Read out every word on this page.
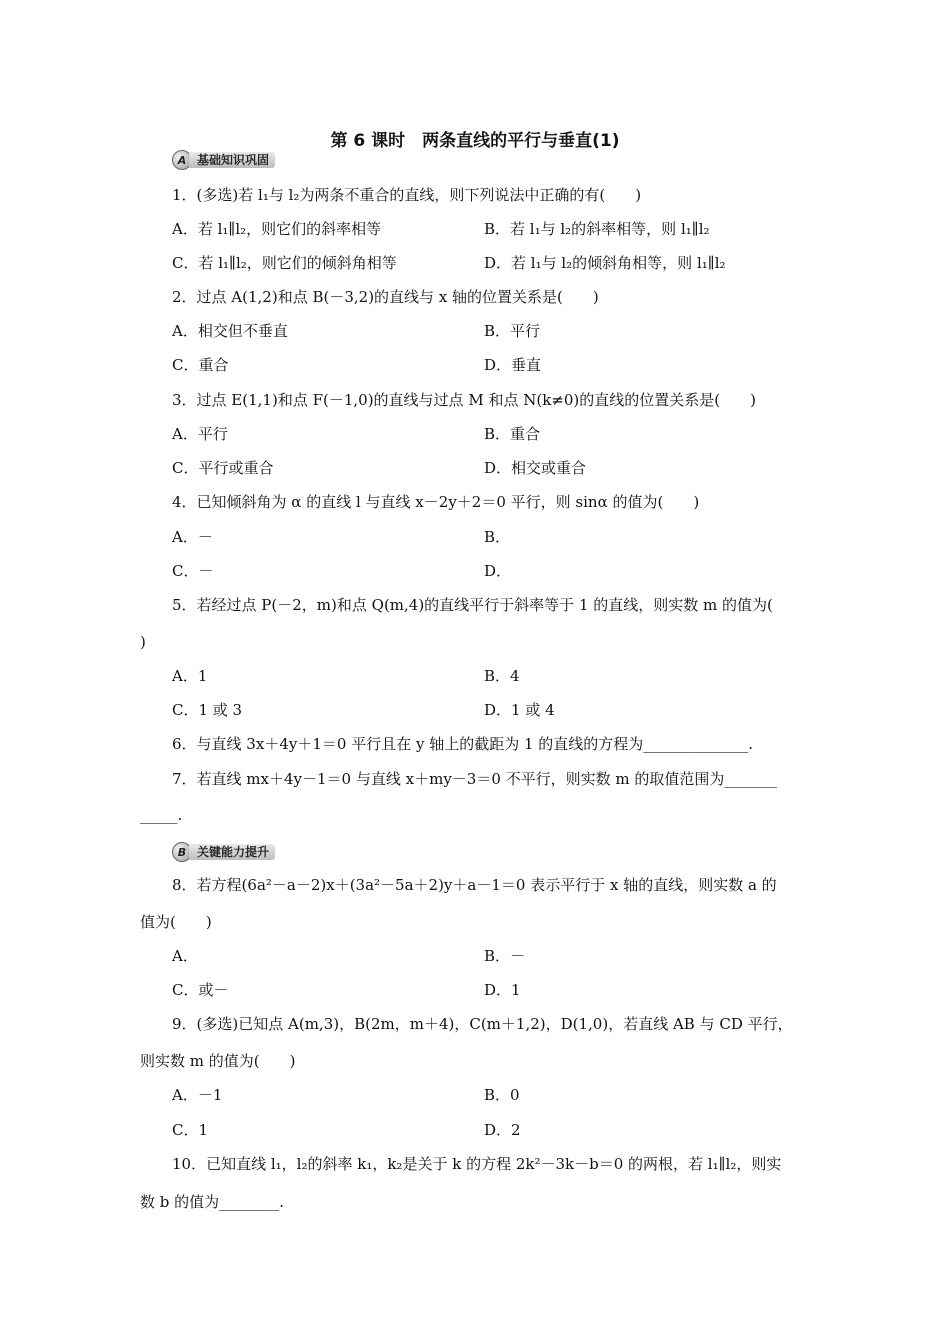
第 6 课时　两条直线的平行与垂直(1)
A 基础知识巩固
1．(多选)若 l₁与 l₂为两条不重合的直线，则下列说法中正确的有(　　)
A．若 l₁∥l₂，则它们的斜率相等	B．若 l₁与 l₂的斜率相等，则 l₁∥l₂
C．若 l₁∥l₂，则它们的倾斜角相等	D．若 l₁与 l₂的倾斜角相等，则 l₁∥l₂
2．过点 A(1,2)和点 B(－3,2)的直线与 x 轴的位置关系是(　　)
A．相交但不垂直	B．平行
C．重合	D．垂直
3．过点 E(1,1)和点 F(－1,0)的直线与过点 M 和点 N(k≠0)的直线的位置关系是(　　)
A．平行	B．重合
C．平行或重合	D．相交或重合
4．已知倾斜角为 α 的直线 l 与直线 x－2y＋2＝0 平行，则 sinα 的值为(　　)
A．－	B．
C．－	D．
5．若经过点 P(－2，m)和点 Q(m,4)的直线平行于斜率等于 1 的直线，则实数 m 的值为(
)
A．1	B．4
C．1 或 3	D．1 或 4
6．与直线 3x＋4y＋1＝0 平行且在 y 轴上的截距为 1 的直线的方程为______________.
7．若直线 mx＋4y－1＝0 与直线 x＋my－3＝0 不平行，则实数 m 的取值范围为_______
_____.
B 关键能力提升
8．若方程(6a²－a－2)x＋(3a²－5a＋2)y＋a－1＝0 表示平行于 x 轴的直线，则实数 a 的
值为(　　)
A．	B．－
C．或－	D．1
9．(多选)已知点 A(m,3)，B(2m，m＋4)，C(m＋1,2)，D(1,0)，若直线 AB 与 CD 平行，
则实数 m 的值为(　　)
A．－1	B．0
C．1	D．2
10．已知直线 l₁，l₂的斜率 k₁，k₂是关于 k 的方程 2k²－3k－b＝0 的两根，若 l₁∥l₂，则实
数 b 的值为________.
